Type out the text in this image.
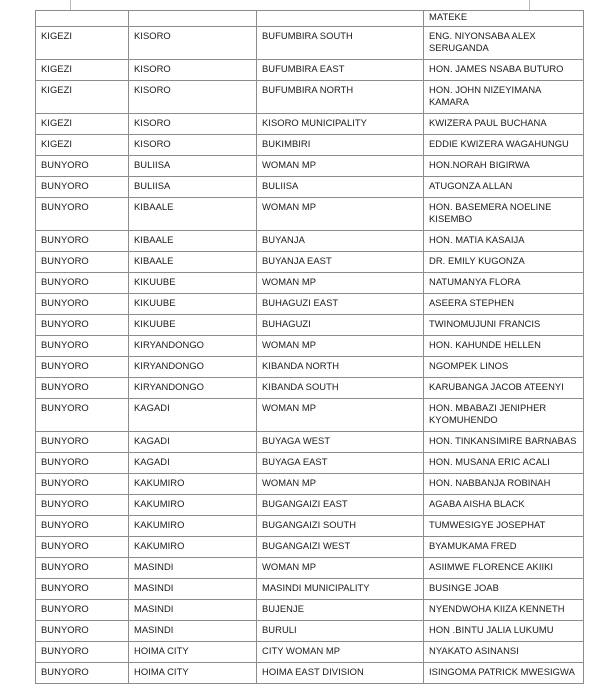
			MATEKE
KIGEZI	KISORO	BUFUMBIRA SOUTH	ENG. NIYONSABA ALEX SERUGANDA
KIGEZI	KISORO	BUFUMBIRA EAST	HON. JAMES NSABA BUTURO
KIGEZI	KISORO	BUFUMBIRA NORTH	HON. JOHN NIZEYIMANA KAMARA
KIGEZI	KISORO	KISORO MUNICIPALITY	KWIZERA PAUL BUCHANA
KIGEZI	KISORO	BUKIMBIRI	EDDIE KWIZERA WAGAHUNGU
BUNYORO	BULIISA	WOMAN MP	HON.NORAH BIGIRWA
BUNYORO	BULIISA	BULIISA	ATUGONZA ALLAN
BUNYORO	KIBAALE	WOMAN MP	HON. BASEMERA NOELINE KISEMBO
BUNYORO	KIBAALE	BUYANJA	HON. MATIA KASAIJA
BUNYORO	KIBAALE	BUYANJA EAST	DR. EMILY KUGONZA
BUNYORO	KIKUUBE	WOMAN MP	NATUMANYA FLORA
BUNYORO	KIKUUBE	BUHAGUZI EAST	ASEERA STEPHEN
BUNYORO	KIKUUBE	BUHAGUZI	TWINOMUJUNI FRANCIS
BUNYORO	KIRYANDONGO	WOMAN MP	HON. KAHUNDE HELLEN
BUNYORO	KIRYANDONGO	KIBANDA NORTH	NGOMPEK LINOS
BUNYORO	KIRYANDONGO	KIBANDA SOUTH	KARUBANGA JACOB ATEENYI
BUNYORO	KAGADI	WOMAN MP	HON. MBABAZI JENIPHER KYOMUHENDO
BUNYORO	KAGADI	BUYAGA WEST	HON. TINKANSIMIRE BARNABAS
BUNYORO	KAGADI	BUYAGA EAST	HON. MUSANA ERIC ACALI
BUNYORO	KAKUMIRO	WOMAN MP	HON. NABBANJA ROBINAH
BUNYORO	KAKUMIRO	BUGANGAIZI EAST	AGABA AISHA BLACK
BUNYORO	KAKUMIRO	BUGANGAIZI SOUTH	TUMWESIGYE JOSEPHAT
BUNYORO	KAKUMIRO	BUGANGAIZI WEST	BYAMUKAMA FRED
BUNYORO	MASINDI	WOMAN MP	ASIIMWE FLORENCE AKIIKI
BUNYORO	MASINDI	MASINDI MUNICIPALITY	BUSINGE JOAB
BUNYORO	MASINDI	BUJENJE	NYENDWOHA KIIZA KENNETH
BUNYORO	MASINDI	BURULI	HON .BINTU JALIA LUKUMU
BUNYORO	HOIMA CITY	CITY WOMAN MP	NYAKATO ASINANSI
BUNYORO	HOIMA CITY	HOIMA EAST DIVISION	ISINGOMA PATRICK MWESIGWA
